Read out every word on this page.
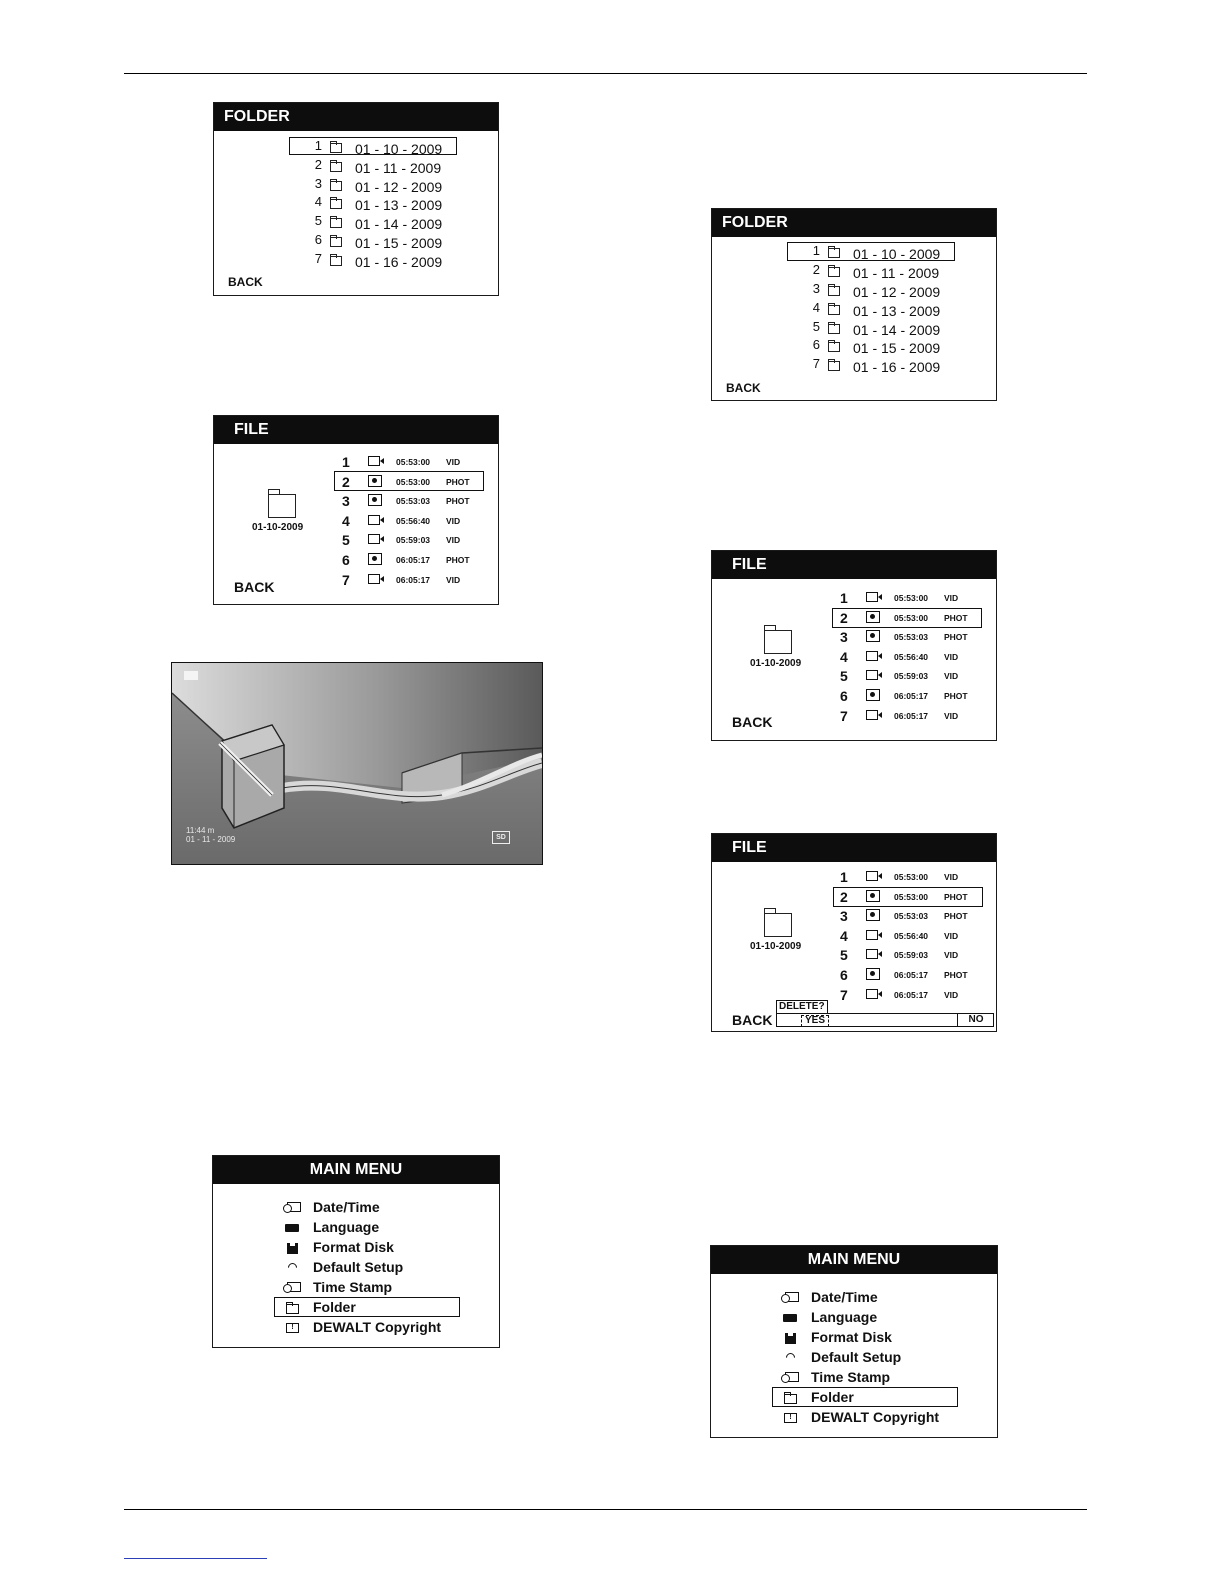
FOLDER
1 01 - 10 - 2009
2 01 - 11 - 2009
3 01 - 12 - 2009
4 01 - 13 - 2009
5 01 - 14 - 2009
6 01 - 15 - 2009
7 01 - 16 - 2009
BACK
FILE
01-10-2009
1	05:53:00 VID
2	05:53:00 PHOT
3	05:53:03 PHOT
4	05:56:40 VID
5	05:59:03 VID
6	06:05:17 PHOT
7	06:05:17 VID
BACK
11:44 m
01 - 11 - 2009	SD
MAIN MENU
Date/Time
Language
Format Disk
Default Setup
Time Stamp
Folder
!	DEWALT Copyright
FOLDER
1 01 - 10 - 2009
2 01 - 11 - 2009
3 01 - 12 - 2009
4 01 - 13 - 2009
5 01 - 14 - 2009
6 01 - 15 - 2009
7 01 - 16 - 2009
BACK
FILE
01-10-2009
1	05:53:00 VID
2	05:53:00 PHOT
3	05:53:03 PHOT
4	05:56:40 VID
5	05:59:03 VID
6	06:05:17 PHOT
7	06:05:17 VID
BACK
FILE
01-10-2009
1	05:53:00 VID
2	05:53:00 PHOT
3	05:53:03 PHOT
4	05:56:40 VID
5	05:59:03 VID
6	06:05:17 PHOT
7	06:05:17 VID
BACK
DELETE?
YES	NO
MAIN MENU
Date/Time
Language
Format Disk
Default Setup
Time Stamp
Folder
!	DEWALT Copyright
